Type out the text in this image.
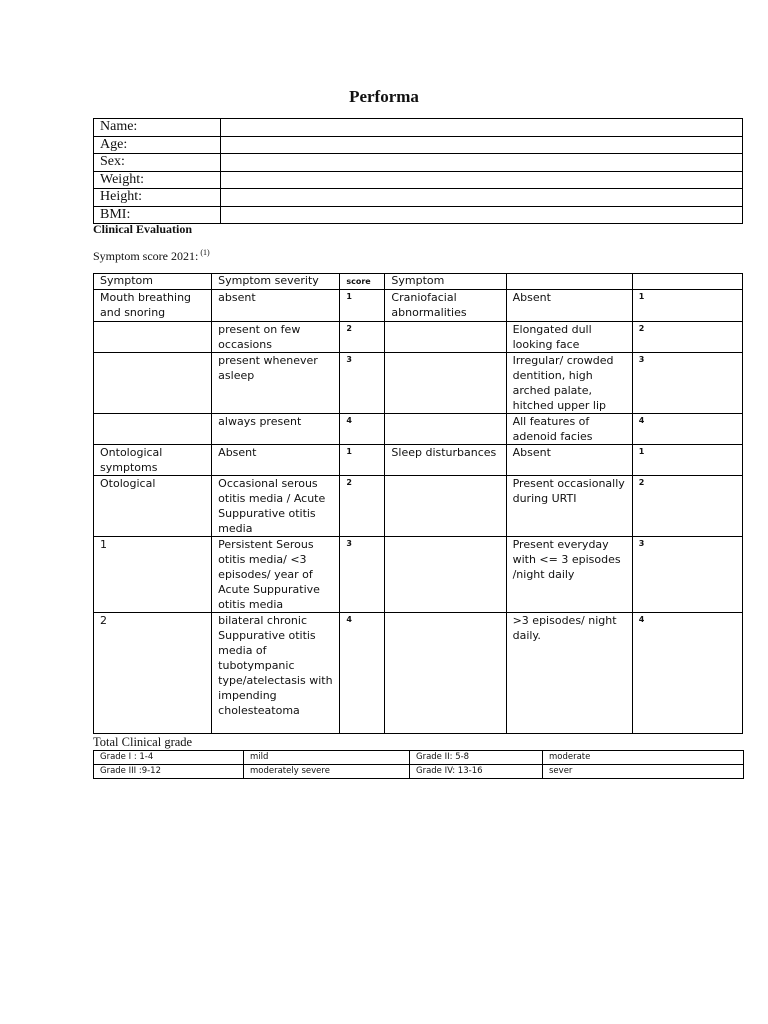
Performa
Name:	
Age:	
Sex:	
Weight:	
Height:	
BMI:	
Clinical Evaluation
Symptom score 2021: $^{(1)}$
Symptom	Symptom severity	score	Symptom		
Mouth breathing and snoring	absent	1	Craniofacial abnormalities	Absent	1
	present on few occasions	2		Elongated dull looking face	2
	present whenever asleep	3		Irregular/ crowded dentition, high arched palate, hitched upper lip	3
	always present	4		All features of adenoid facies	4
Ontological symptoms	Absent	1	Sleep disturbances	Absent	1
Otological	Occasional serous otitis media / Acute Suppurative otitis media	2		Present occasionally during URTI	2
1	Persistent Serous otitis media/ <3 episodes/ year of Acute Suppurative otitis media	3		Present everyday with <= 3 episodes /night daily	3
2	bilateral chronic Suppurative otitis media of tubotympanic type/atelectasis with impending cholesteatoma	4		>3 episodes/ night daily.	4
Total Clinical grade
Grade I : 1-4	mild	Grade II: 5-8	moderate
Grade III :9-12	moderately severe	Grade IV: 13-16	sever
